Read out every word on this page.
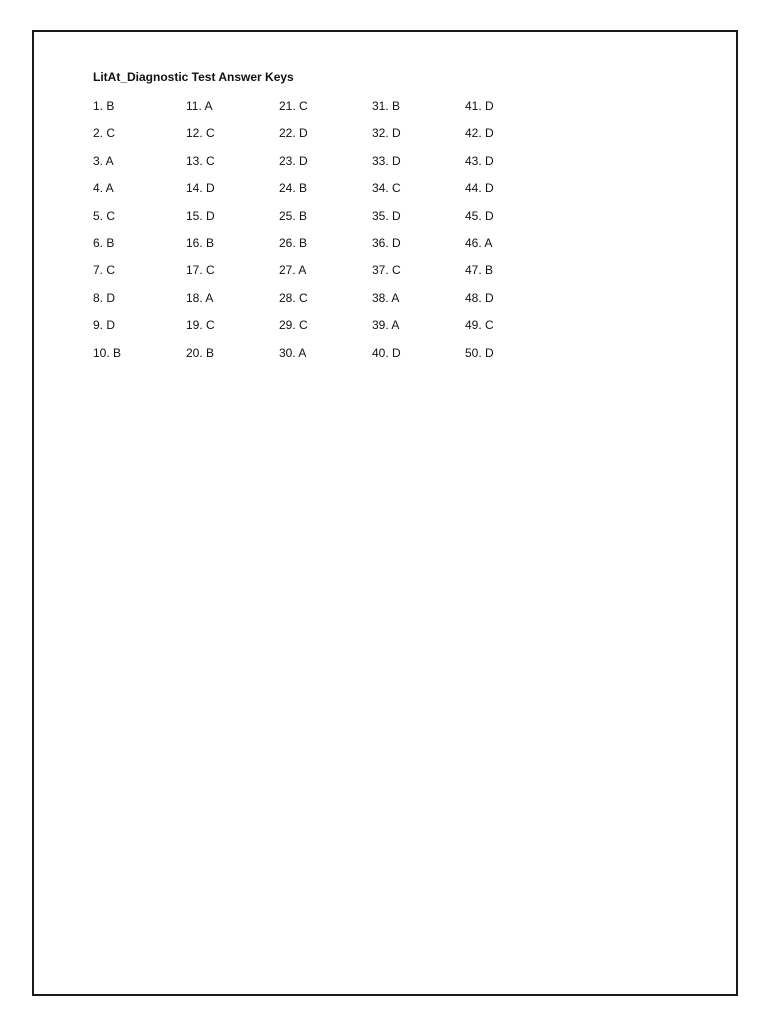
LitAt_Diagnostic Test Answer Keys
1. B
2. C
3. A
4. A
5. C
6. B
7. C
8. D
9. D
10. B
11. A
12. C
13. C
14. D
15. D
16. B
17. C
18. A
19. C
20. B
21. C
22. D
23. D
24. B
25. B
26. B
27. A
28. C
29. C
30. A
31. B
32. D
33. D
34. C
35. D
36. D
37. C
38. A
39. A
40. D
41. D
42. D
43. D
44. D
45. D
46. A
47. B
48. D
49. C
50. D
